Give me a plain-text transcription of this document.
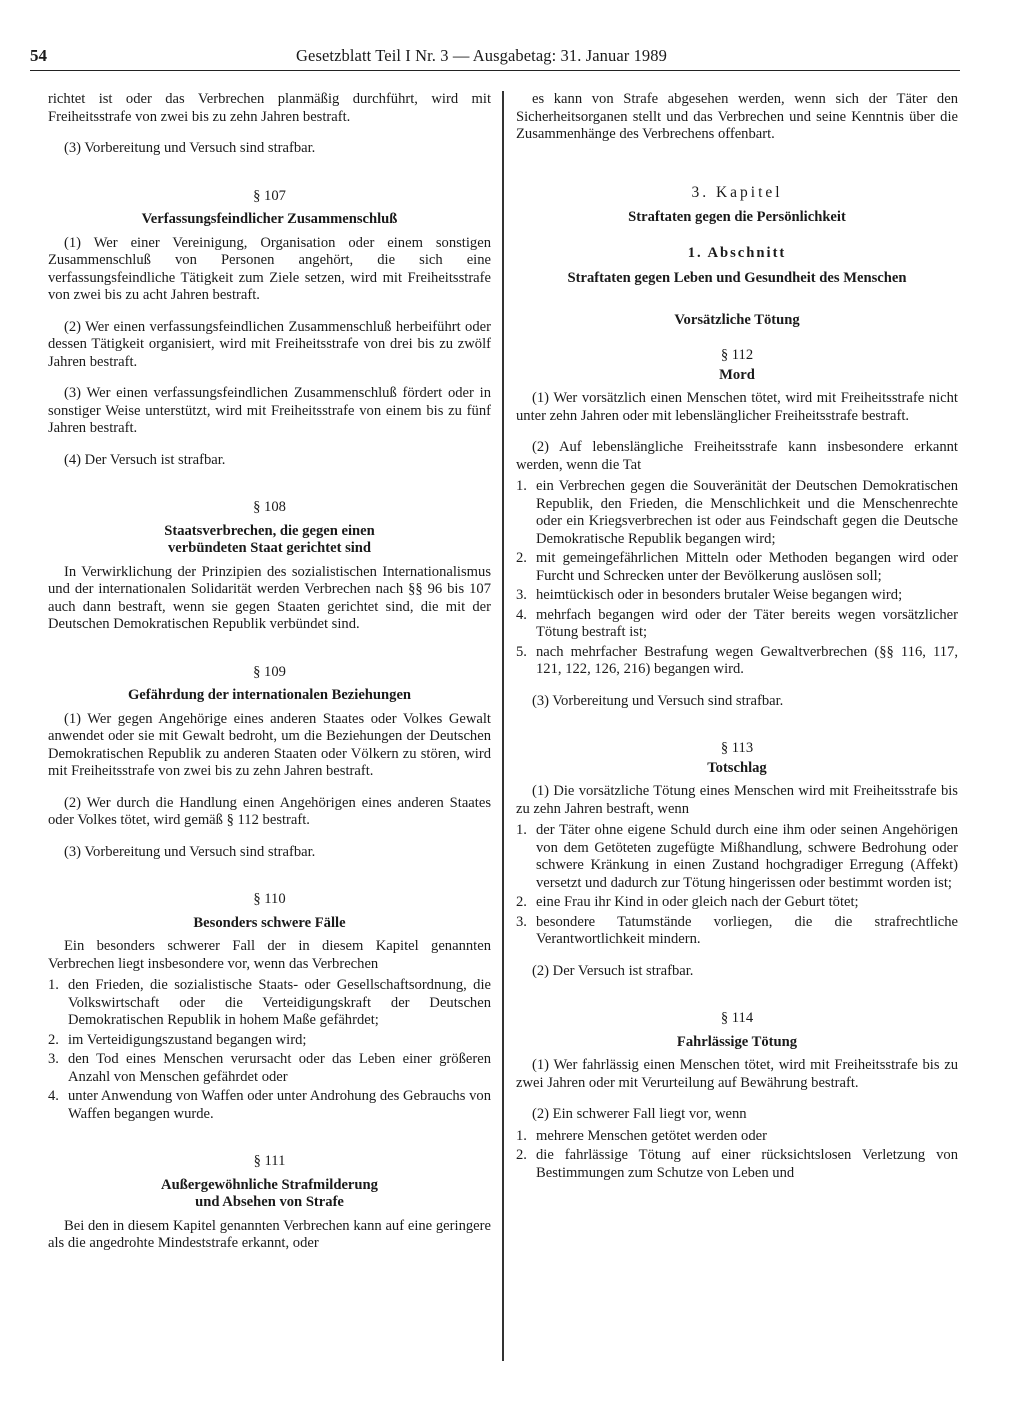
54	Gesetzblatt Teil I Nr. 3 — Ausgabetag: 31. Januar 1989

richtet ist oder das Verbrechen planmäßig durchführt, wird mit Freiheitsstrafe von zwei bis zu zehn Jahren bestraft.

(3) Vorbereitung und Versuch sind strafbar.

§ 107
Verfassungsfeindlicher Zusammenschluß

(1) Wer einer Vereinigung, Organisation oder einem sonstigen Zusammenschluß von Personen angehört, die sich eine verfassungsfeindliche Tätigkeit zum Ziele setzen, wird mit Freiheitsstrafe von zwei bis zu acht Jahren bestraft.

(2) Wer einen verfassungsfeindlichen Zusammenschluß herbeiführt oder dessen Tätigkeit organisiert, wird mit Freiheitsstrafe von drei bis zu zwölf Jahren bestraft.

(3) Wer einen verfassungsfeindlichen Zusammenschluß fördert oder in sonstiger Weise unterstützt, wird mit Freiheitsstrafe von einem bis zu fünf Jahren bestraft.

(4) Der Versuch ist strafbar.

§ 108
Staatsverbrechen, die gegen einen
verbündeten Staat gerichtet sind

In Verwirklichung der Prinzipien des sozialistischen Internationalismus und der internationalen Solidarität werden Verbrechen nach §§ 96 bis 107 auch dann bestraft, wenn sie gegen Staaten gerichtet sind, die mit der Deutschen Demokratischen Republik verbündet sind.

§ 109
Gefährdung der internationalen Beziehungen

(1) Wer gegen Angehörige eines anderen Staates oder Volkes Gewalt anwendet oder sie mit Gewalt bedroht, um die Beziehungen der Deutschen Demokratischen Republik zu anderen Staaten oder Völkern zu stören, wird mit Freiheitsstrafe von zwei bis zu zehn Jahren bestraft.

(2) Wer durch die Handlung einen Angehörigen eines anderen Staates oder Volkes tötet, wird gemäß § 112 bestraft.

(3) Vorbereitung und Versuch sind strafbar.

§ 110
Besonders schwere Fälle

Ein besonders schwerer Fall der in diesem Kapitel genannten Verbrechen liegt insbesondere vor, wenn das Verbrechen

1. den Frieden, die sozialistische Staats- oder Gesellschaftsordnung, die Volkswirtschaft oder die Verteidigungskraft der Deutschen Demokratischen Republik in hohem Maße gefährdet;
2. im Verteidigungszustand begangen wird;
3. den Tod eines Menschen verursacht oder das Leben einer größeren Anzahl von Menschen gefährdet oder
4. unter Anwendung von Waffen oder unter Androhung des Gebrauchs von Waffen begangen wurde.
§ 111
Außergewöhnliche Strafmilderung
und Absehen von Strafe

Bei den in diesem Kapitel genannten Verbrechen kann auf eine geringere als die angedrohte Mindeststrafe erkannt, oder

es kann von Strafe abgesehen werden, wenn sich der Täter den Sicherheitsorganen stellt und das Verbrechen und seine Kenntnis über die Zusammenhänge des Verbrechens offenbart.

3. Kapitel
Straftaten gegen die Persönlichkeit
1. Abschnitt
Straftaten gegen Leben und Gesundheit des Menschen
Vorsätzliche Tötung
§ 112
Mord

(1) Wer vorsätzlich einen Menschen tötet, wird mit Freiheitsstrafe nicht unter zehn Jahren oder mit lebenslänglicher Freiheitsstrafe bestraft.

(2) Auf lebenslängliche Freiheitsstrafe kann insbesondere erkannt werden, wenn die Tat

1. ein Verbrechen gegen die Souveränität der Deutschen Demokratischen Republik, den Frieden, die Menschlichkeit und die Menschenrechte oder ein Kriegsverbrechen ist oder aus Feindschaft gegen die Deutsche Demokratische Republik begangen wird;
2. mit gemeingefährlichen Mitteln oder Methoden begangen wird oder Furcht und Schrecken unter der Bevölkerung auslösen soll;
3. heimtückisch oder in besonders brutaler Weise begangen wird;
4. mehrfach begangen wird oder der Täter bereits wegen vorsätzlicher Tötung bestraft ist;
5. nach mehrfacher Bestrafung wegen Gewaltverbrechen (§§ 116, 117, 121, 122, 126, 216) begangen wird.

(3) Vorbereitung und Versuch sind strafbar.

§ 113
Totschlag

(1) Die vorsätzliche Tötung eines Menschen wird mit Freiheitsstrafe bis zu zehn Jahren bestraft, wenn

1. der Täter ohne eigene Schuld durch eine ihm oder seinen Angehörigen von dem Getöteten zugefügte Mißhandlung, schwere Bedrohung oder schwere Kränkung in einen Zustand hochgradiger Erregung (Affekt) versetzt und dadurch zur Tötung hingerissen oder bestimmt worden ist;
2. eine Frau ihr Kind in oder gleich nach der Geburt tötet;
3. besondere Tatumstände vorliegen, die die strafrechtliche Verantwortlichkeit mindern.

(2) Der Versuch ist strafbar.

§ 114
Fahrlässige Tötung

(1) Wer fahrlässig einen Menschen tötet, wird mit Freiheitsstrafe bis zu zwei Jahren oder mit Verurteilung auf Bewährung bestraft.

(2) Ein schwerer Fall liegt vor, wenn

1. mehrere Menschen getötet werden oder
2. die fahrlässige Tötung auf einer rücksichtslosen Verletzung von Bestimmungen zum Schutze von Leben und
